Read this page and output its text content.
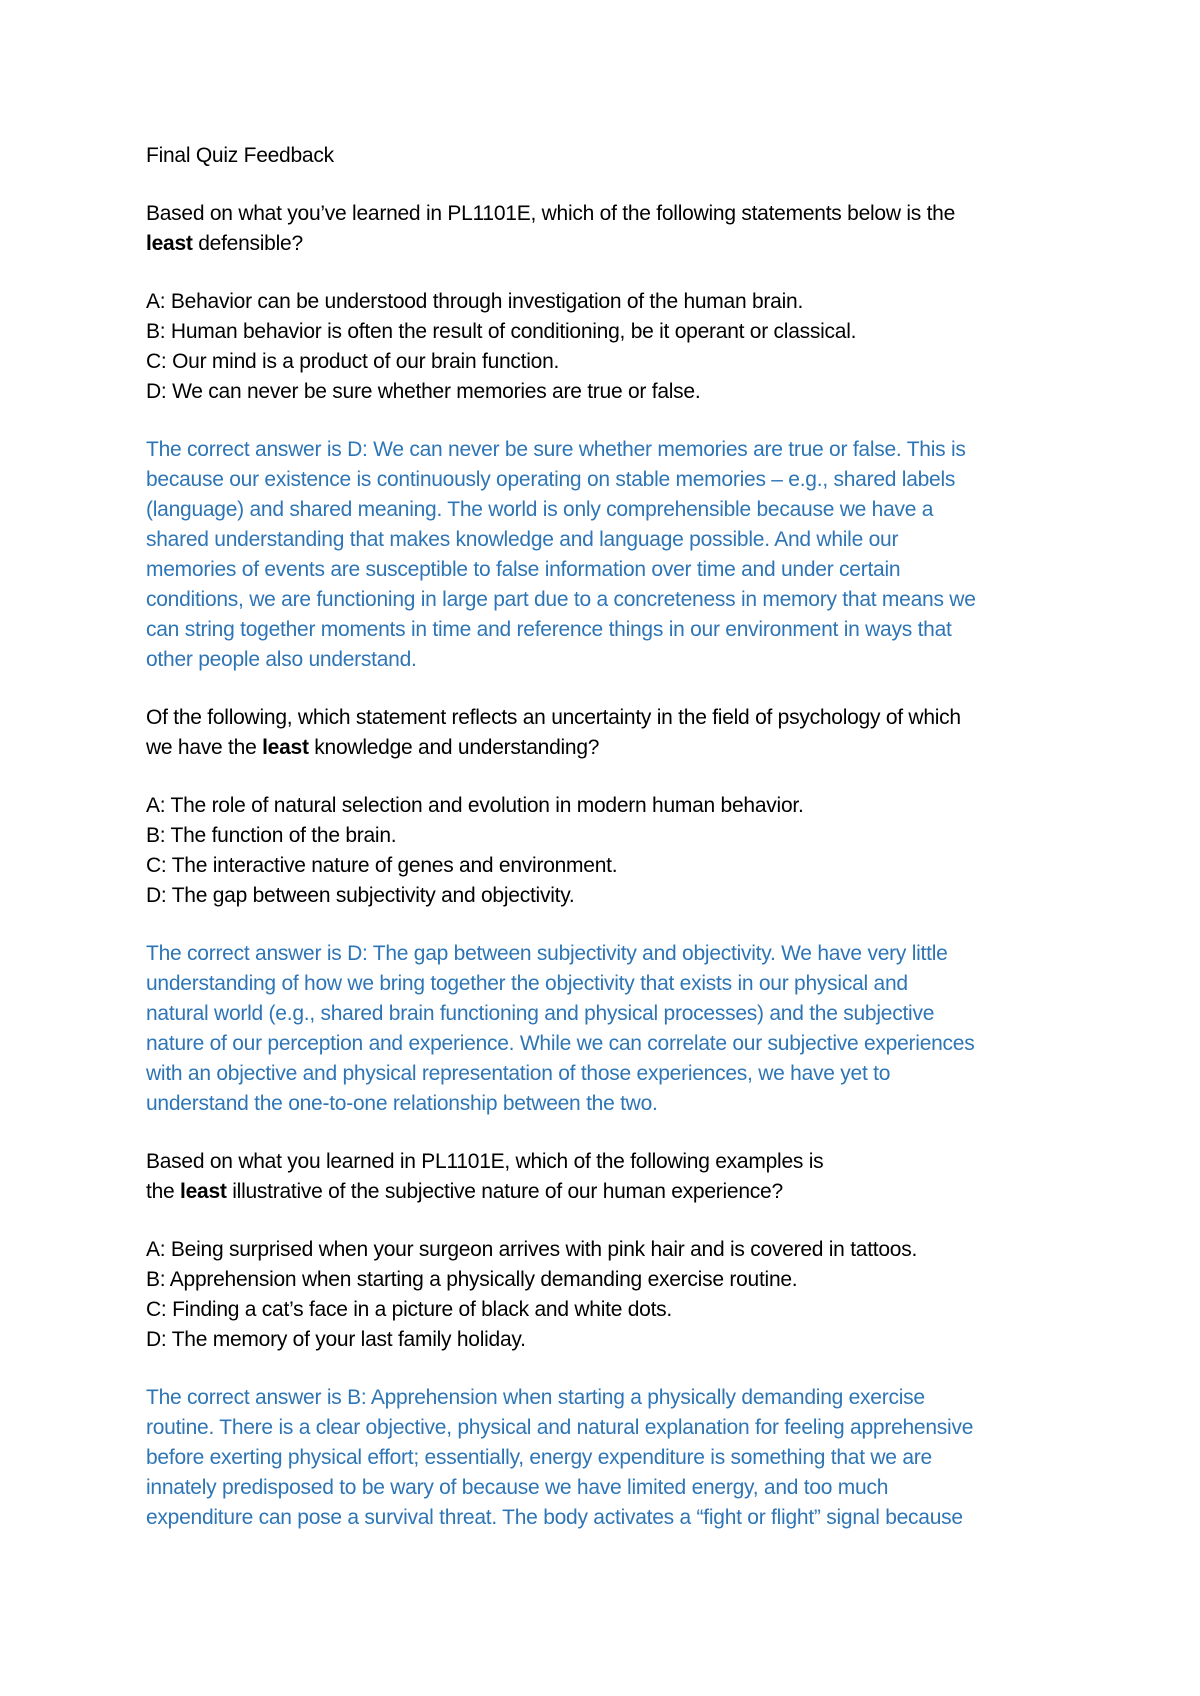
Final Quiz Feedback
Based on what you’ve learned in PL1101E, which of the following statements below is the
least defensible?
A: Behavior can be understood through investigation of the human brain.
B: Human behavior is often the result of conditioning, be it operant or classical.
C: Our mind is a product of our brain function.
D: We can never be sure whether memories are true or false.
The correct answer is D: We can never be sure whether memories are true or false. This is
because our existence is continuously operating on stable memories – e.g., shared labels
(language) and shared meaning. The world is only comprehensible because we have a
shared understanding that makes knowledge and language possible. And while our
memories of events are susceptible to false information over time and under certain
conditions, we are functioning in large part due to a concreteness in memory that means we
can string together moments in time and reference things in our environment in ways that
other people also understand.
Of the following, which statement reflects an uncertainty in the field of psychology of which
we have the least knowledge and understanding?
A: The role of natural selection and evolution in modern human behavior.
B: The function of the brain.
C: The interactive nature of genes and environment.
D: The gap between subjectivity and objectivity.
The correct answer is D: The gap between subjectivity and objectivity. We have very little
understanding of how we bring together the objectivity that exists in our physical and
natural world (e.g., shared brain functioning and physical processes) and the subjective
nature of our perception and experience. While we can correlate our subjective experiences
with an objective and physical representation of those experiences, we have yet to
understand the one-to-one relationship between the two.
Based on what you learned in PL1101E, which of the following examples is
the least illustrative of the subjective nature of our human experience?
A: Being surprised when your surgeon arrives with pink hair and is covered in tattoos.
B: Apprehension when starting a physically demanding exercise routine.
C: Finding a cat’s face in a picture of black and white dots.
D: The memory of your last family holiday.
The correct answer is B: Apprehension when starting a physically demanding exercise
routine. There is a clear objective, physical and natural explanation for feeling apprehensive
before exerting physical effort; essentially, energy expenditure is something that we are
innately predisposed to be wary of because we have limited energy, and too much
expenditure can pose a survival threat. The body activates a “fight or flight” signal because
